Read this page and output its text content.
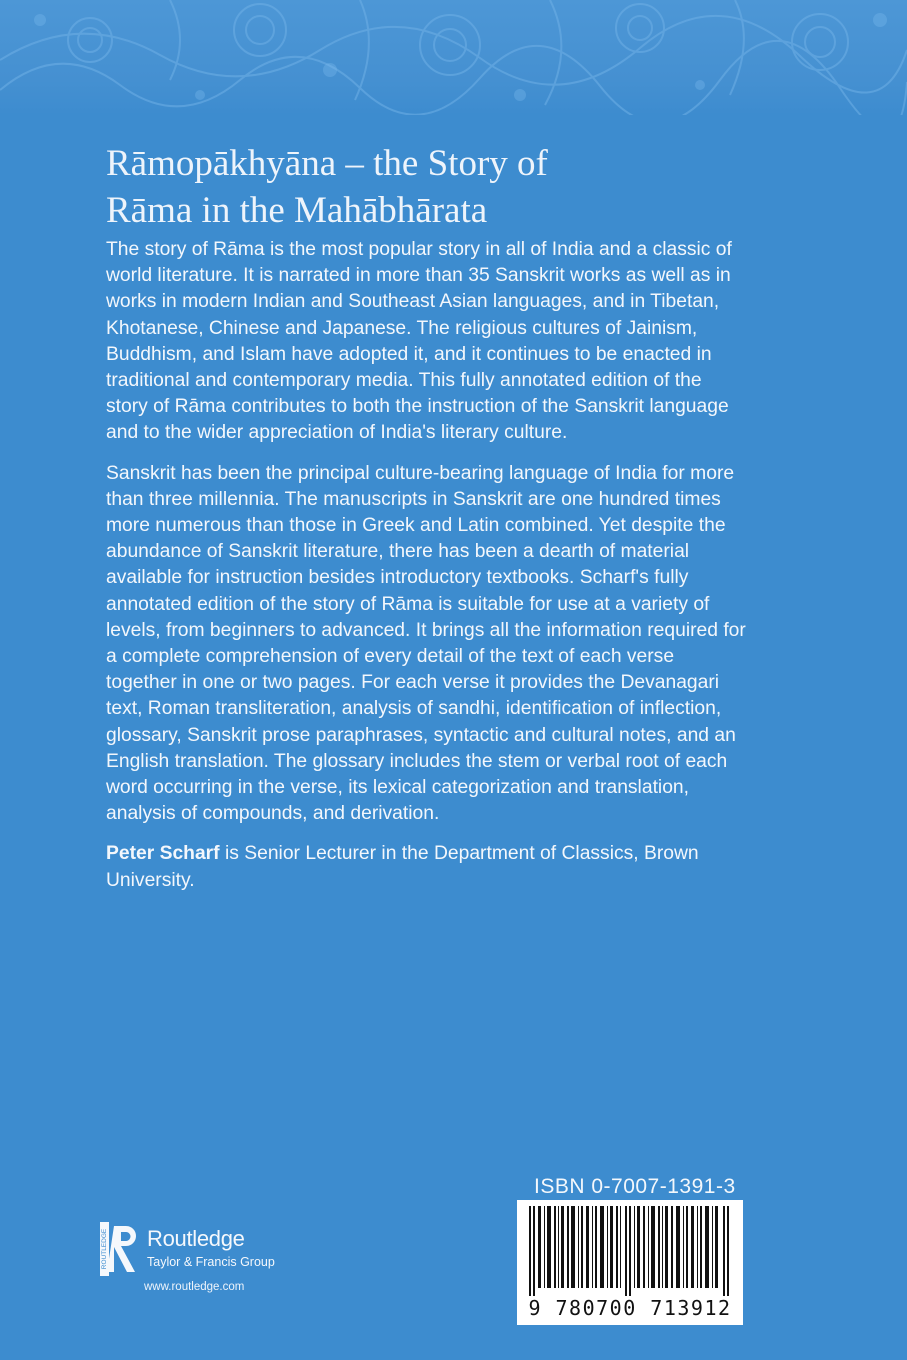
Rāmopākhyāna – the Story of
Rāma in the Mahābhārata

The story of Rāma is the most popular story in all of India and a classic of world literature. It is narrated in more than 35 Sanskrit works as well as in works in modern Indian and Southeast Asian languages, and in Tibetan, Khotanese, Chinese and Japanese. The religious cultures of Jainism, Buddhism, and Islam have adopted it, and it continues to be enacted in traditional and contemporary media. This fully annotated edition of the story of Rāma contributes to both the instruction of the Sanskrit language and to the wider appreciation of India's literary culture.

Sanskrit has been the principal culture-bearing language of India for more than three millennia. The manuscripts in Sanskrit are one hundred times more numerous than those in Greek and Latin combined. Yet despite the abundance of Sanskrit literature, there has been a dearth of material available for instruction besides introductory textbooks. Scharf's fully annotated edition of the story of Rāma is suitable for use at a variety of levels, from beginners to advanced. It brings all the information required for a complete comprehension of every detail of the text of each verse together in one or two pages. For each verse it provides the Devanagari text, Roman transliteration, analysis of sandhi, identification of inflection, glossary, Sanskrit prose paraphrases, syntactic and cultural notes, and an English translation. The glossary includes the stem or verbal root of each word occurring in the verse, its lexical categorization and translation, analysis of compounds, and derivation.

Peter Scharf is Senior Lecturer in the Department of Classics, Brown University.

ROUTLEDGE Routledge
Taylor & Francis Group
www.routledge.com
ISBN 0-7007-1391-3
9 780700 713912
